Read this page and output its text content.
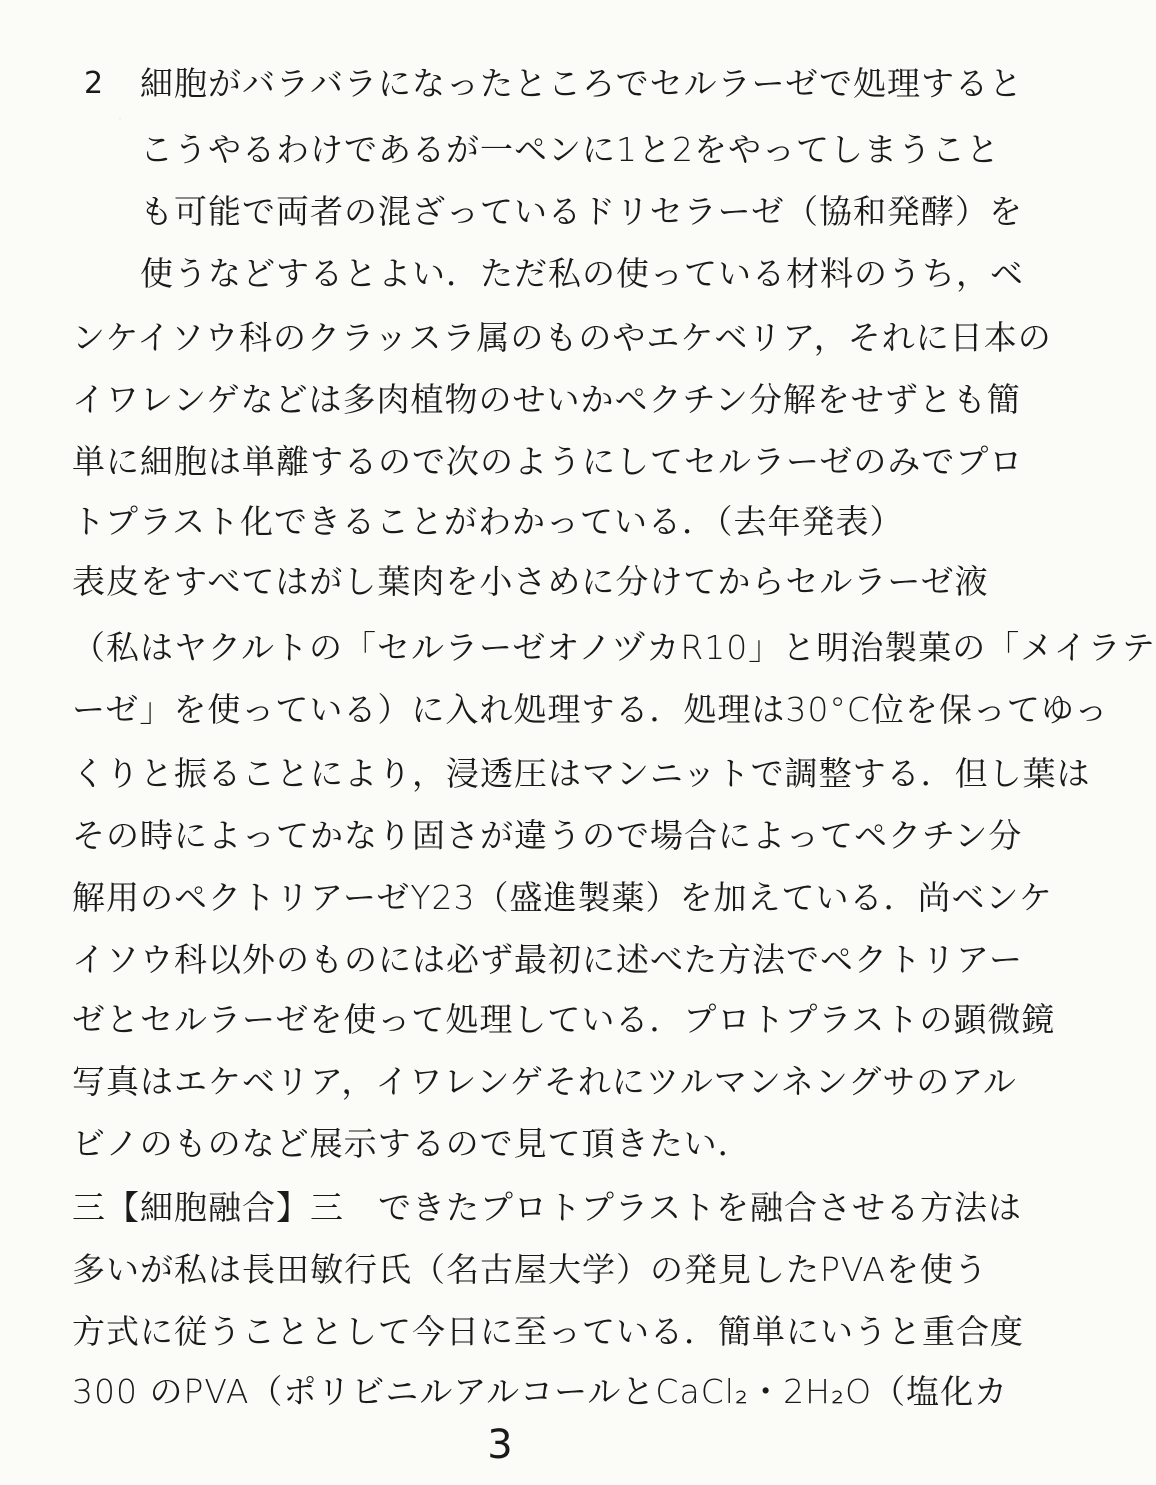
2 細胞がバラバラになったところでセルラーゼで処理すると
こうやるわけであるが一ペンに1と2をやってしまうこと
も可能で両者の混ざっているドリセラーゼ（協和発酵）を
使うなどするとよい．ただ私の使っている材料のうち，ベ
ンケイソウ科のクラッスラ属のものやエケベリア，それに日本の
イワレンゲなどは多肉植物のせいかペクチン分解をせずとも簡
単に細胞は単離するので次のようにしてセルラーゼのみでプロ
トプラスト化できることがわかっている．（去年発表）
表皮をすべてはがし葉肉を小さめに分けてからセルラーゼ液
（私はヤクルトの「セルラーゼオノヅカR10」と明治製菓の「メイラテ
ーゼ」を使っている）に入れ処理する．処理は30°C位を保ってゆっ
くりと振ることにより，浸透圧はマンニットで調整する．但し葉は
その時によってかなり固さが違うので場合によってペクチン分
解用のペクトリアーゼY23（盛進製薬）を加えている．尚ベンケ
イソウ科以外のものには必ず最初に述べた方法でペクトリアー
ゼとセルラーゼを使って処理している．プロトプラストの顕微鏡
写真はエケベリア，イワレンゲそれにツルマンネングサのアル
ビノのものなど展示するので見て頂きたい．
三【細胞融合】三　できたプロトプラストを融合させる方法は
多いが私は長田敏行氏（名古屋大学）の発見したPVAを使う
方式に従うこととして今日に至っている．簡単にいうと重合度
300 のPVA（ポリビニルアルコールとCaCl₂・2H₂O（塩化カ
3
